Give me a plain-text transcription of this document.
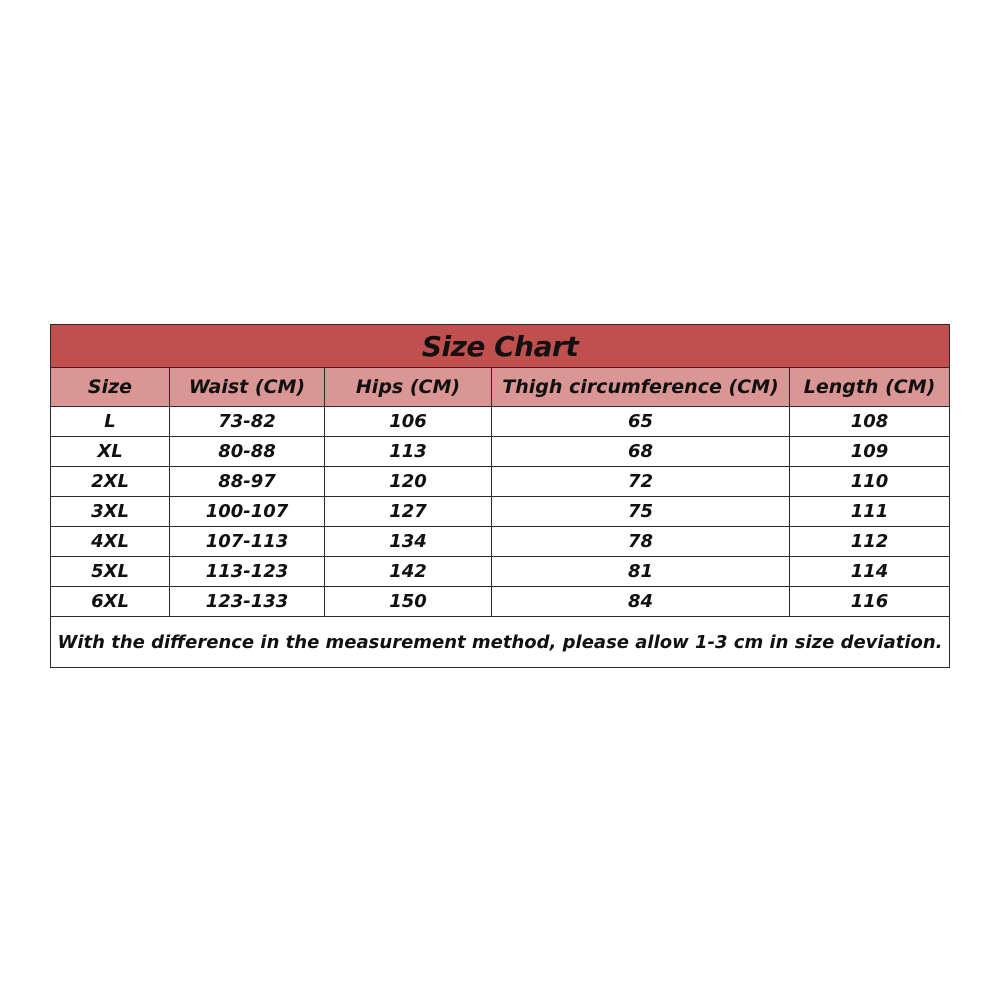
Size Chart				
Size	Waist (CM)	Hips (CM)	Thigh circumference (CM)	Length (CM)
L	73-82	106	65	108
XL	80-88	113	68	109
2XL	88-97	120	72	110
3XL	100-107	127	75	111
4XL	107-113	134	78	112
5XL	113-123	142	81	114
6XL	123-133	150	84	116
With the difference in the measurement method, please allow 1-3 cm in size deviation.				
